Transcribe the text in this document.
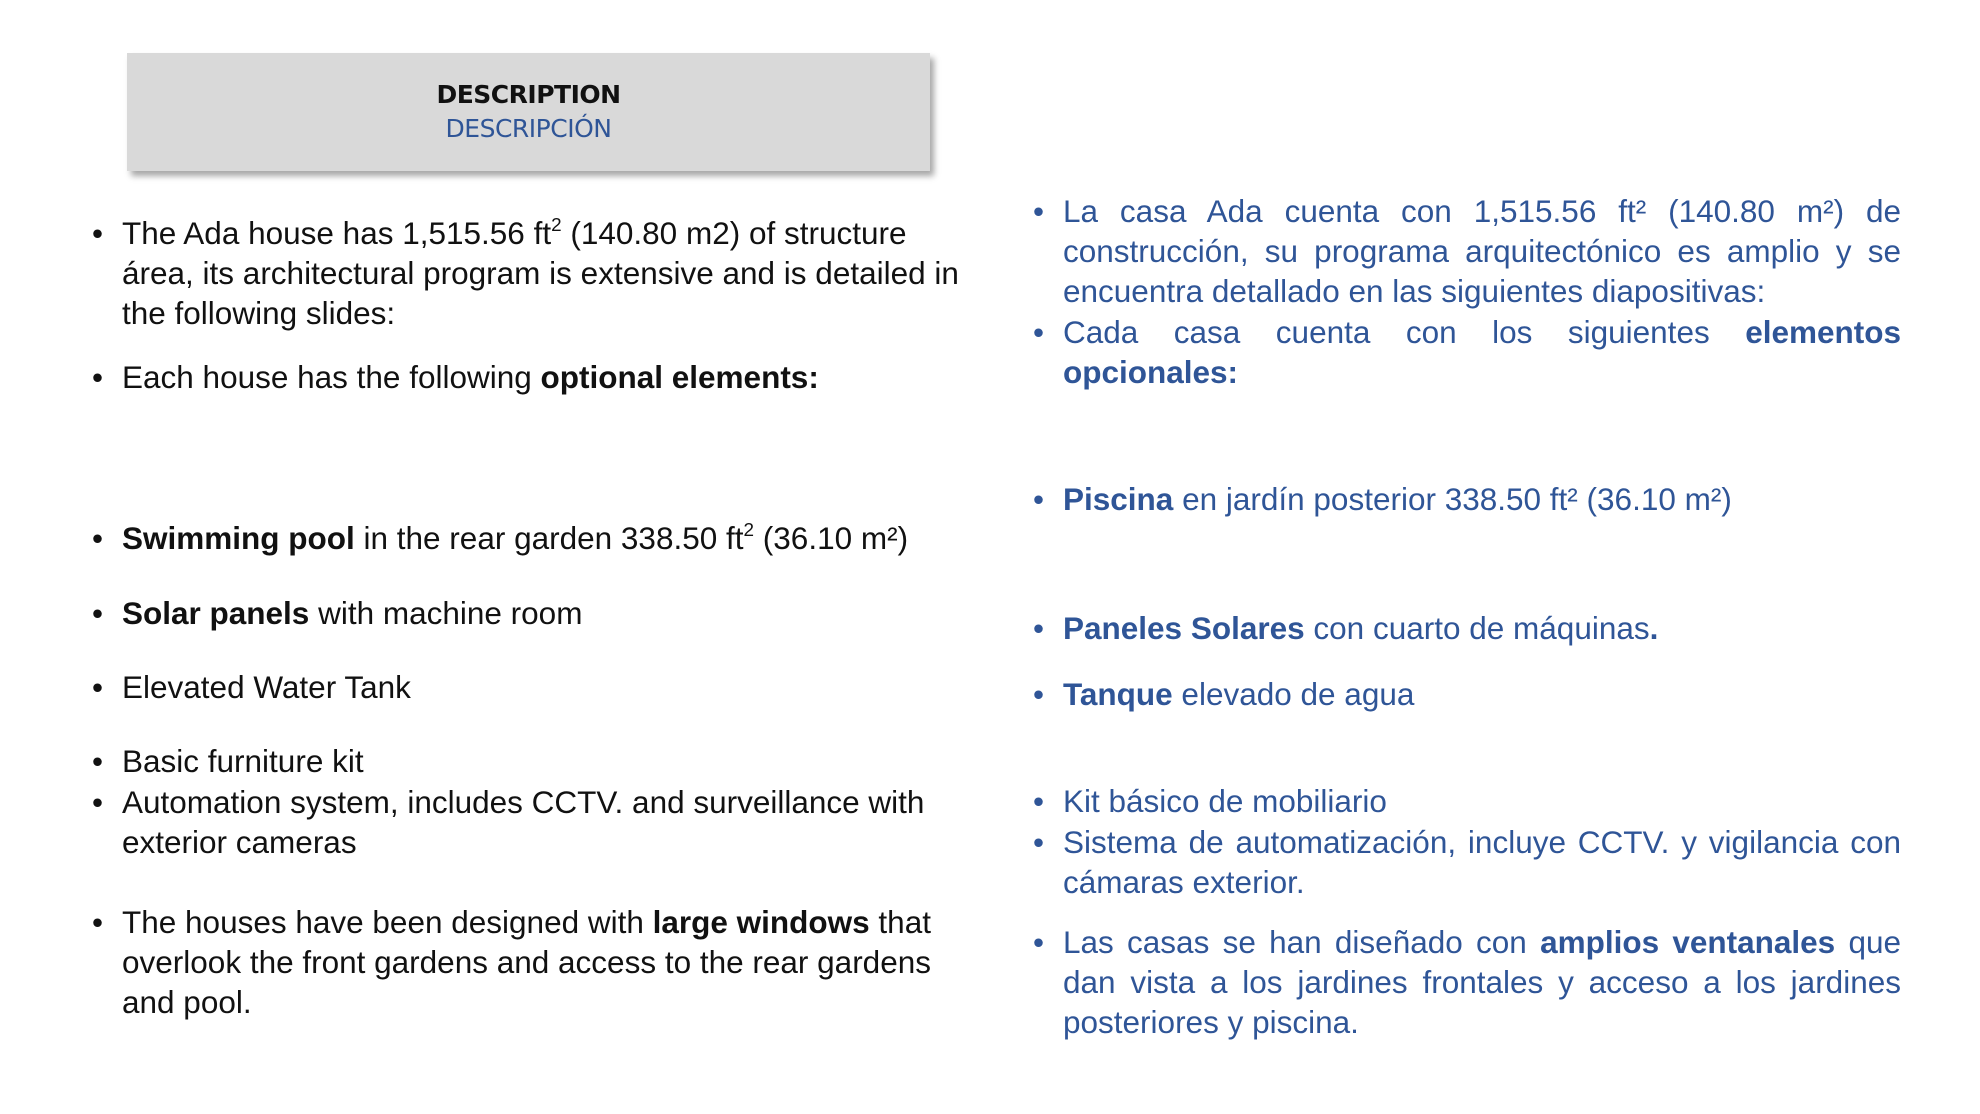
DESCRIPTION
DESCRIPCIÓN
• The Ada house has 1,515.56 $ft^2$ (140.80 m2) of structure área, its architectural program is extensive and is detailed in the following slides:
• Each house has the following optional elements:
• Swimming pool in the rear garden 338.50 $ft^2$ (36.10 m²)
• Solar panels with machine room
• Elevated Water Tank
• Basic furniture kit
• Automation system, includes CCTV. and surveillance with exterior cameras
• The houses have been designed with large windows that overlook the front gardens and access to the rear gardens and pool.
• La casa Ada cuenta con 1,515.56 ft² (140.80 m²) de construcción, su programa arquitectónico es amplio y se encuentra detallado en las siguientes diapositivas:
• Cada casa cuenta con los siguientes elementos opcionales:
• Piscina en jardín posterior 338.50 ft² (36.10 m²)
• Paneles Solares con cuarto de máquinas.
• Tanque elevado de agua
• Kit básico de mobiliario
• Sistema de automatización, incluye CCTV. y vigilancia con cámaras exterior.
• Las casas se han diseñado con amplios ventanales que dan vista a los jardines frontales y acceso a los jardines posteriores y piscina.
